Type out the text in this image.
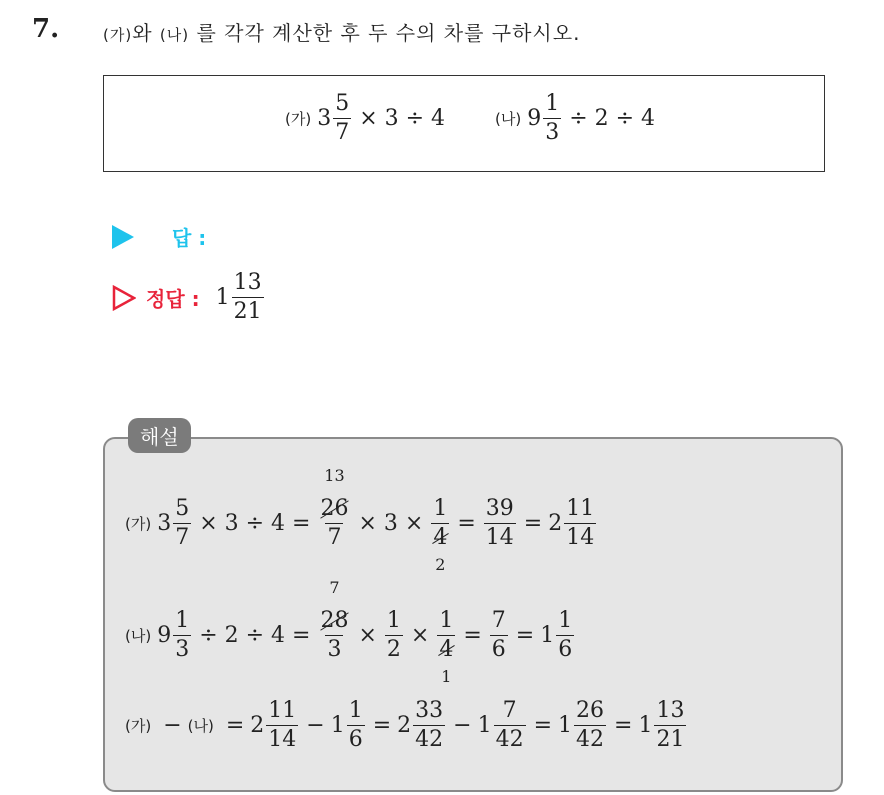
7.	(가)와 (나) 를 각각 계산한 후 두 수의 차를 구하시오.
(가) $3 \frac{5}{7} \times 3 \div 4$	(나) $9 \frac{1}{3} \div 2 \div 4$
답 :
정답 : $1 \frac{13}{21}$
해설
(가) $3 \frac{5}{7} \times 3 \div 4 = 26$
13
7 × 3 × 1
4
$2 = \frac{39}{14} = 2 \frac{11}{14}$
(나) $9 \frac{1}{3} \div 2 \div 4 = 28$
7
$3 \times \frac{1}{2} \times 1$
4
$1 = \frac{7}{6} = 1 \frac{1}{6}$
(가) − (나) = $2 \frac{11}{14} - 1 \frac{1}{6} = 2 \frac{33}{42} - 1 \frac{7}{42} = 1 \frac{26}{42} = 1 \frac{13}{21}$
